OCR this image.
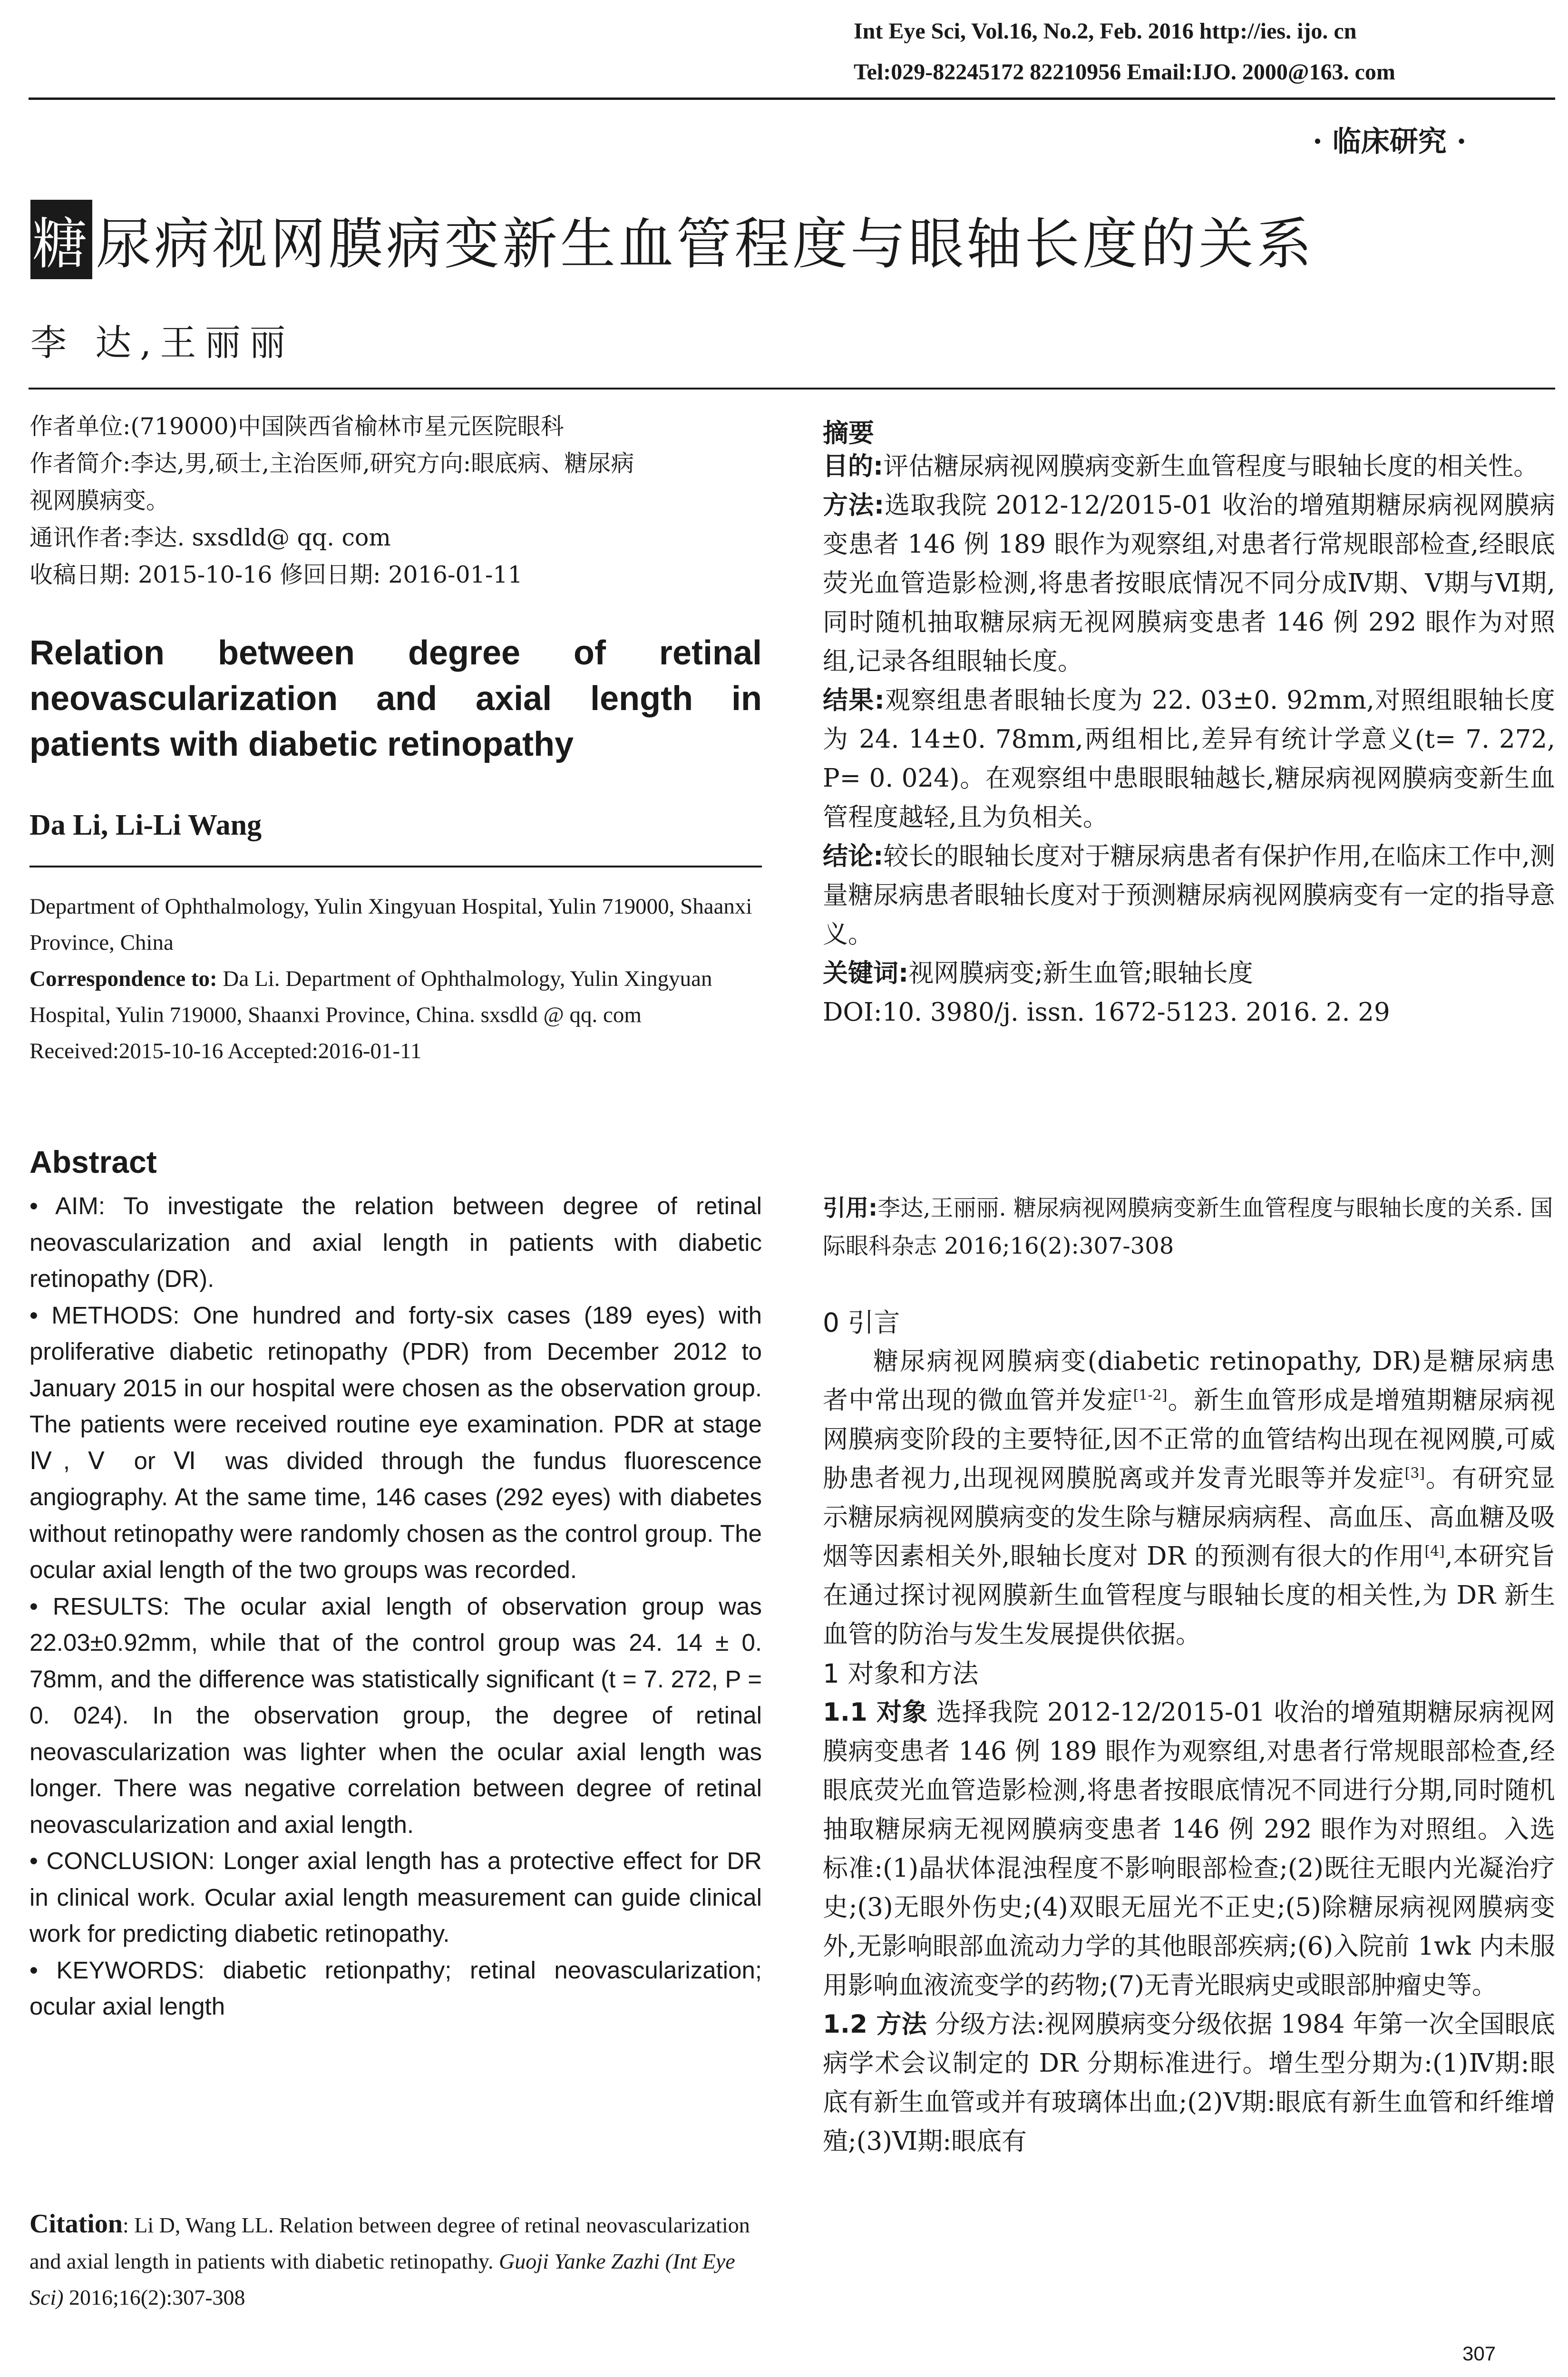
Int Eye Sci, Vol.16, No.2, Feb. 2016 http://ies. ijo. cn
Tel:029-82245172 82210956 Email:IJO. 2000@163. com
· 临床研究 ·
糖 尿病视网膜病变新生血管程度与眼轴长度的关系
李 达,王丽丽
作者单位:(719000)中国陕西省榆林市星元医院眼科
作者简介:李达,男,硕士,主治医师,研究方向:眼底病、糖尿病
视网膜病变。
通讯作者:李达. sxsdld@ qq. com
收稿日期: 2015-10-16 修回日期: 2016-01-11
Relation between degree of retinal neovascularization and axial length in patients with diabetic retinopathy
Da Li, Li-Li Wang
Department of Ophthalmology, Yulin Xingyuan Hospital, Yulin 719000, Shaanxi Province, China
Correspondence to: Da Li. Department of Ophthalmology, Yulin Xingyuan Hospital, Yulin 719000, Shaanxi Province, China. sxsdld @ qq. com
Received:2015-10-16 Accepted:2016-01-11
Abstract

• AIM: To investigate the relation between degree of retinal neovascularization and axial length in patients with diabetic retinopathy (DR).

• METHODS: One hundred and forty-six cases (189 eyes) with proliferative diabetic retinopathy (PDR) from December 2012 to January 2015 in our hospital were chosen as the observation group. The patients were received routine eye examination. PDR at stage Ⅳ, Ⅴ or Ⅵ was divided through the fundus fluorescence angiography. At the same time, 146 cases (292 eyes) with diabetes without retinopathy were randomly chosen as the control group. The ocular axial length of the two groups was recorded.

• RESULTS: The ocular axial length of observation group was 22.03±0.92mm, while that of the control group was 24. 14 ± 0. 78mm, and the difference was statistically significant (t = 7. 272, P = 0. 024). In the observation group, the degree of retinal neovascularization was lighter when the ocular axial length was longer. There was negative correlation between degree of retinal neovascularization and axial length.

• CONCLUSION: Longer axial length has a protective effect for DR in clinical work. Ocular axial length measurement can guide clinical work for predicting diabetic retinopathy.

• KEYWORDS: diabetic retionpathy; retinal neovascularization; ocular axial length

Citation: Li D, Wang LL. Relation between degree of retinal neovascularization and axial length in patients with diabetic retinopathy. Guoji Yanke Zazhi (Int Eye Sci) 2016;16(2):307-308
摘要

目的:评估糖尿病视网膜病变新生血管程度与眼轴长度的相关性。

方法:选取我院 2012-12/2015-01 收治的增殖期糖尿病视网膜病变患者 146 例 189 眼作为观察组,对患者行常规眼部检查,经眼底荧光血管造影检测,将患者按眼底情况不同分成Ⅳ期、Ⅴ期与Ⅵ期,同时随机抽取糖尿病无视网膜病变患者 146 例 292 眼作为对照组,记录各组眼轴长度。

结果:观察组患者眼轴长度为 22. 03±0. 92mm,对照组眼轴长度为 24. 14±0. 78mm,两组相比,差异有统计学意义(t= 7. 272, P= 0. 024)。在观察组中患眼眼轴越长,糖尿病视网膜病变新生血管程度越轻,且为负相关。

结论:较长的眼轴长度对于糖尿病患者有保护作用,在临床工作中,测量糖尿病患者眼轴长度对于预测糖尿病视网膜病变有一定的指导意义。

关键词:视网膜病变;新生血管;眼轴长度

DOI:10. 3980/j. issn. 1672-5123. 2016. 2. 29

引用:李达,王丽丽. 糖尿病视网膜病变新生血管程度与眼轴长度的关系. 国际眼科杂志 2016;16(2):307-308
0 引言

糖尿病视网膜病变(diabetic retinopathy, DR)是糖尿病患者中常出现的微血管并发症[1-2]。新生血管形成是增殖期糖尿病视网膜病变阶段的主要特征,因不正常的血管结构出现在视网膜,可威胁患者视力,出现视网膜脱离或并发青光眼等并发症[3]。有研究显示糖尿病视网膜病变的发生除与糖尿病病程、高血压、高血糖及吸烟等因素相关外,眼轴长度对 DR 的预测有很大的作用[4],本研究旨在通过探讨视网膜新生血管程度与眼轴长度的相关性,为 DR 新生血管的防治与发生发展提供依据。

1 对象和方法

1.1 对象 选择我院 2012-12/2015-01 收治的增殖期糖尿病视网膜病变患者 146 例 189 眼作为观察组,对患者行常规眼部检查,经眼底荧光血管造影检测,将患者按眼底情况不同进行分期,同时随机抽取糖尿病无视网膜病变患者 146 例 292 眼作为对照组。入选标准:(1)晶状体混浊程度不影响眼部检查;(2)既往无眼内光凝治疗史;(3)无眼外伤史;(4)双眼无屈光不正史;(5)除糖尿病视网膜病变外,无影响眼部血流动力学的其他眼部疾病;(6)入院前 1wk 内未服用影响血液流变学的药物;(7)无青光眼病史或眼部肿瘤史等。

1.2 方法 分级方法:视网膜病变分级依据 1984 年第一次全国眼底病学术会议制定的 DR 分期标准进行。增生型分期为:(1)Ⅳ期:眼底有新生血管或并有玻璃体出血;(2)Ⅴ期:眼底有新生血管和纤维增殖;(3)Ⅵ期:眼底有

307
